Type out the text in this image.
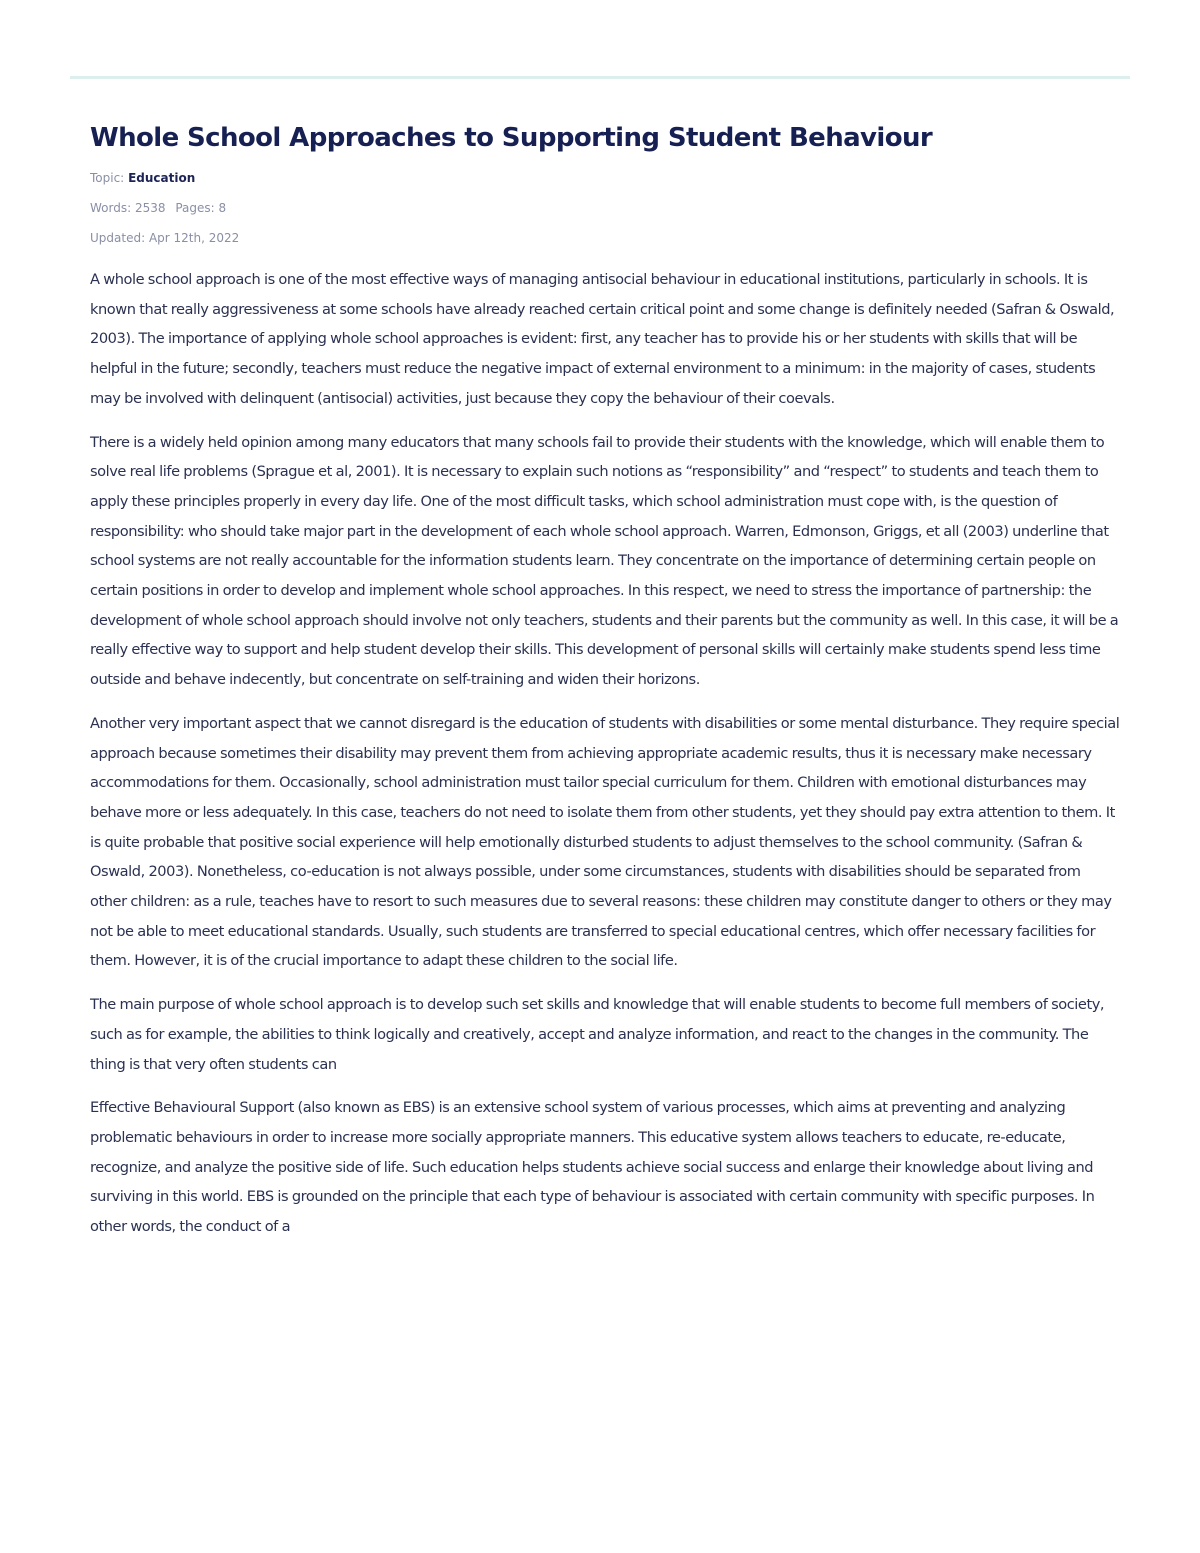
Whole School Approaches to Supporting Student Behaviour
Topic: Education
Words: 2538 Pages: 8
Updated: Apr 12th, 2022

A whole school approach is one of the most effective ways of managing antisocial behaviour in educational institutions, particularly in schools. It is known that really aggressiveness at some schools have already reached certain critical point and some change is definitely needed (Safran & Oswald, 2003). The importance of applying whole school approaches is evident: first, any teacher has to provide his or her students with skills that will be helpful in the future; secondly, teachers must reduce the negative impact of external environment to a minimum: in the majority of cases, students may be involved with delinquent (antisocial) activities, just because they copy the behaviour of their coevals.

There is a widely held opinion among many educators that many schools fail to provide their students with the knowledge, which will enable them to solve real life problems (Sprague et al, 2001). It is necessary to explain such notions as “responsibility” and “respect” to students and teach them to apply these principles properly in every day life. One of the most difficult tasks, which school administration must cope with, is the question of responsibility: who should take major part in the development of each whole school approach. Warren, Edmonson, Griggs, et all (2003) underline that school systems are not really accountable for the information students learn. They concentrate on the importance of determining certain people on certain positions in order to develop and implement whole school approaches. In this respect, we need to stress the importance of partnership: the development of whole school approach should involve not only teachers, students and their parents but the community as well. In this case, it will be a really effective way to support and help student develop their skills. This development of personal skills will certainly make students spend less time outside and behave indecently, but concentrate on self-training and widen their horizons.

Another very important aspect that we cannot disregard is the education of students with disabilities or some mental disturbance. They require special approach because sometimes their disability may prevent them from achieving appropriate academic results, thus it is necessary make necessary accommodations for them. Occasionally, school administration must tailor special curriculum for them. Children with emotional disturbances may behave more or less adequately. In this case, teachers do not need to isolate them from other students, yet they should pay extra attention to them. It is quite probable that positive social experience will help emotionally disturbed students to adjust themselves to the school community. (Safran & Oswald, 2003). Nonetheless, co-education is not always possible, under some circumstances, students with disabilities should be separated from other children: as a rule, teaches have to resort to such measures due to several reasons: these children may constitute danger to others or they may not be able to meet educational standards. Usually, such students are transferred to special educational centres, which offer necessary facilities for them. However, it is of the crucial importance to adapt these children to the social life.

The main purpose of whole school approach is to develop such set skills and knowledge that will enable students to become full members of society, such as for example, the abilities to think logically and creatively, accept and analyze information, and react to the changes in the community. The thing is that very often students can

Effective Behavioural Support (also known as EBS) is an extensive school system of various processes, which aims at preventing and analyzing problematic behaviours in order to increase more socially appropriate manners. This educative system allows teachers to educate, re-educate, recognize, and analyze the positive side of life. Such education helps students achieve social success and enlarge their knowledge about living and surviving in this world. EBS is grounded on the principle that each type of behaviour is associated with certain community with specific purposes. In other words, the conduct of a
